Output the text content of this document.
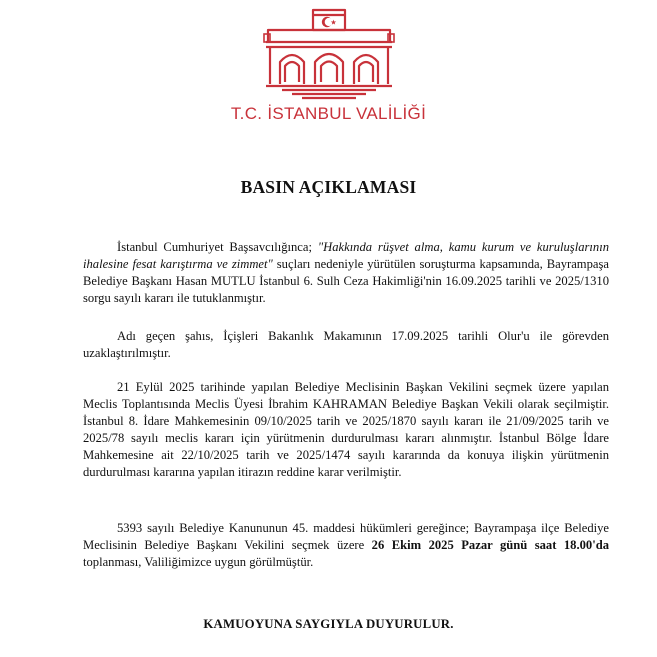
T.C. İSTANBUL VALİLİĞİ
BASIN AÇIKLAMASI

İstanbul Cumhuriyet Başsavcılığınca; "Hakkında rüşvet alma, kamu kurum ve kuruluşlarının ihalesine fesat karıştırma ve zimmet" suçları nedeniyle yürütülen soruşturma kapsamında, Bayrampaşa Belediye Başkanı Hasan MUTLU İstanbul 6. Sulh Ceza Hakimliği'nin 16.09.2025 tarihli ve 2025/1310 sorgu sayılı kararı ile tutuklanmıştır.

Adı geçen şahıs, İçişleri Bakanlık Makamının 17.09.2025 tarihli Olur'u ile görevden uzaklaştırılmıştır.

21 Eylül 2025 tarihinde yapılan Belediye Meclisinin Başkan Vekilini seçmek üzere yapılan Meclis Toplantısında Meclis Üyesi İbrahim KAHRAMAN Belediye Başkan Vekili olarak seçilmiştir. İstanbul 8. İdare Mahkemesinin 09/10/2025 tarih ve 2025/1870 sayılı kararı ile 21/09/2025 tarih ve 2025/78 sayılı meclis kararı için yürütmenin durdurulması kararı alınmıştır. İstanbul Bölge İdare Mahkemesine ait 22/10/2025 tarih ve 2025/1474 sayılı kararında da konuya ilişkin yürütmenin durdurulması kararına yapılan itirazın reddine karar verilmiştir.

5393 sayılı Belediye Kanununun 45. maddesi hükümleri gereğince; Bayrampaşa ilçe Belediye Meclisinin Belediye Başkanı Vekilini seçmek üzere 26 Ekim 2025 Pazar günü saat 18.00'da toplanması, Valiliğimizce uygun görülmüştür.

KAMUOYUNA SAYGIYLA DUYURULUR.
